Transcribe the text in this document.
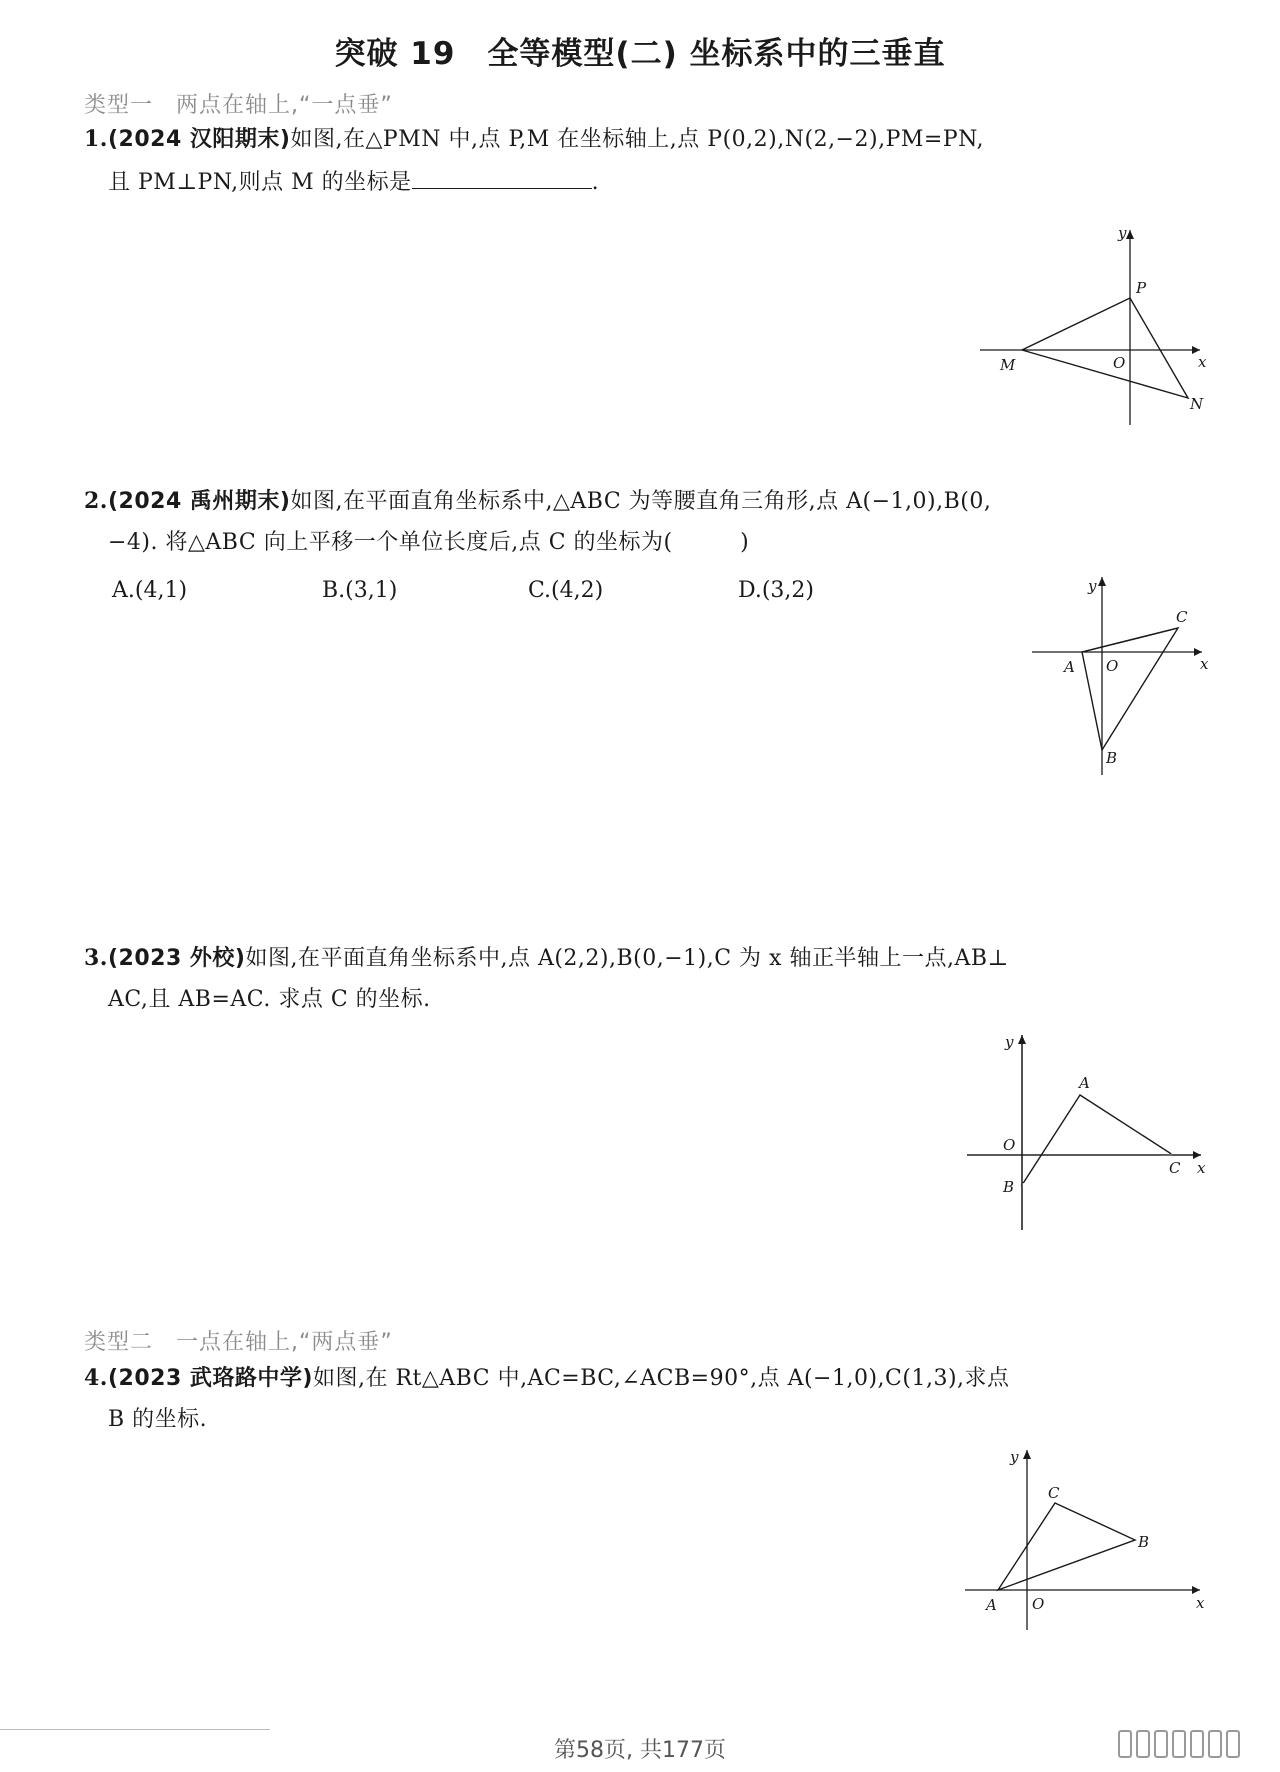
突破 19　全等模型(二) 坐标系中的三垂直
类型一　两点在轴上,“一点垂”
1.(2024 汉阳期末)如图,在△PMN 中,点 P,M 在坐标轴上,点 P(0,2),N(2,−2),PM=PN,
且 PM⊥PN,则点 M 的坐标是	.
y
x
O
P
M
N
2.(2024 禹州期末)如图,在平面直角坐标系中,△ABC 为等腰直角三角形,点 A(−1,0),B(0,
−4). 将△ABC 向上平移一个单位长度后,点 C 的坐标为(　　　)
A.(4,1)	B.(3,1)	C.(4,2)	D.(3,2)	y
x
O
A
B
C
3.(2023 外校)如图,在平面直角坐标系中,点 A(2,2),B(0,−1),C 为 x 轴正半轴上一点,AB⊥
AC,且 AB=AC. 求点 C 的坐标.
y
x
O
A
B
C
类型二　一点在轴上,“两点垂”
4.(2023 武珞路中学)如图,在 Rt△ABC 中,AC=BC,∠ACB=90°,点 A(−1,0),C(1,3),求点
B 的坐标.
y
x
O
A
B
C
第58页, 共177页
